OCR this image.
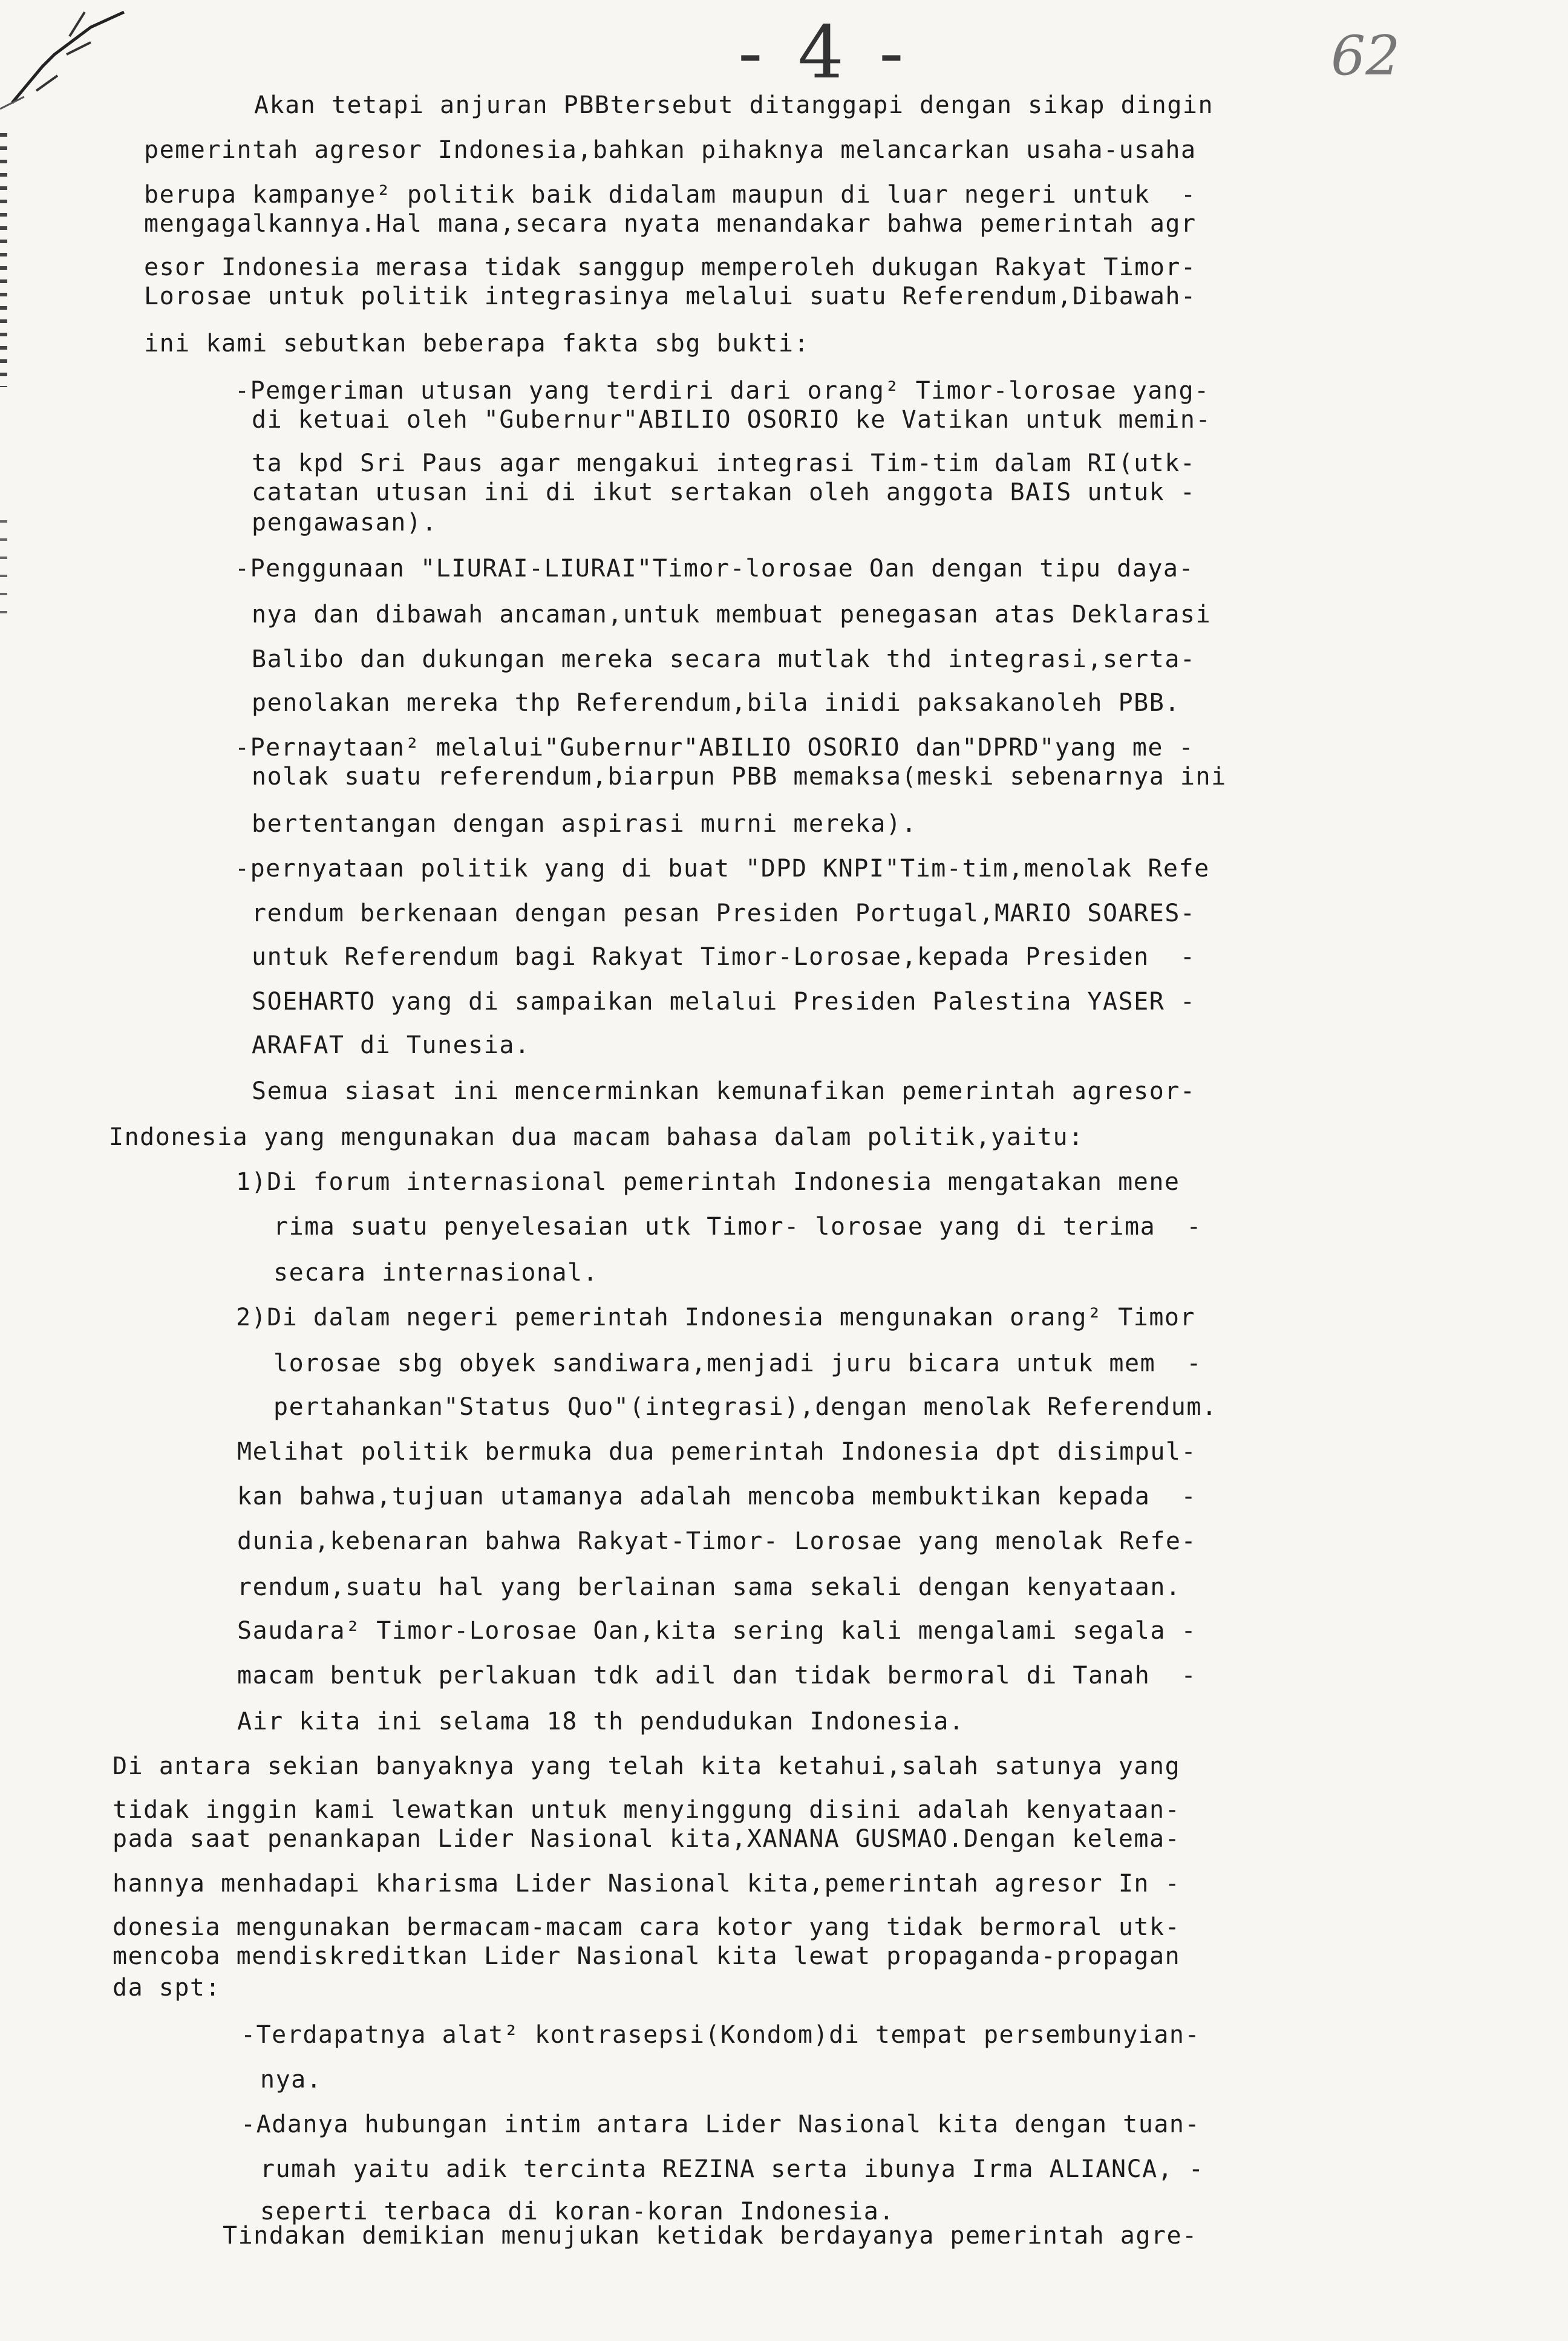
- 4 -	62
Akan tetapi anjuran PBBtersebut ditanggapi dengan sikap dingin
pemerintah agresor Indonesia,bahkan pihaknya melancarkan usaha-usaha
berupa kampanye² politik baik didalam maupun di luar negeri untuk  -
mengagalkannya.Hal mana,secara nyata menandakar bahwa pemerintah agr
esor Indonesia merasa tidak sanggup memperoleh dukugan Rakyat Timor-
Lorosae untuk politik integrasinya melalui suatu Referendum,Dibawah-
ini kami sebutkan beberapa fakta sbg bukti:
-Pemgeriman utusan yang terdiri dari orang² Timor-lorosae yang-
di ketuai oleh "Gubernur"ABILIO OSORIO ke Vatikan untuk memin-
ta kpd Sri Paus agar mengakui integrasi Tim-tim dalam RI(utk-
catatan utusan ini di ikut sertakan oleh anggota BAIS untuk -
pengawasan).
-Penggunaan "LIURAI-LIURAI"Timor-lorosae Oan dengan tipu daya-
nya dan dibawah ancaman,untuk membuat penegasan atas Deklarasi
Balibo dan dukungan mereka secara mutlak thd integrasi,serta-
penolakan mereka thp Referendum,bila inidi paksakanoleh PBB.
-Pernaytaan² melalui"Gubernur"ABILIO OSORIO dan"DPRD"yang me -
nolak suatu referendum,biarpun PBB memaksa(meski sebenarnya ini
bertentangan dengan aspirasi murni mereka).
-pernyataan politik yang di buat "DPD KNPI"Tim-tim,menolak Refe
rendum berkenaan dengan pesan Presiden Portugal,MARIO SOARES-
untuk Referendum bagi Rakyat Timor-Lorosae,kepada Presiden  -
SOEHARTO yang di sampaikan melalui Presiden Palestina YASER -
ARAFAT di Tunesia.
Semua siasat ini mencerminkan kemunafikan pemerintah agresor-
Indonesia yang mengunakan dua macam bahasa dalam politik,yaitu:
1)Di forum internasional pemerintah Indonesia mengatakan mene
rima suatu penyelesaian utk Timor- lorosae yang di terima  -
secara internasional.
2)Di dalam negeri pemerintah Indonesia mengunakan orang² Timor
lorosae sbg obyek sandiwara,menjadi juru bicara untuk mem  -
pertahankan"Status Quo"(integrasi),dengan menolak Referendum.
Melihat politik bermuka dua pemerintah Indonesia dpt disimpul-
kan bahwa,tujuan utamanya adalah mencoba membuktikan kepada  -
dunia,kebenaran bahwa Rakyat-Timor- Lorosae yang menolak Refe-
rendum,suatu hal yang berlainan sama sekali dengan kenyataan.
Saudara² Timor-Lorosae Oan,kita sering kali mengalami segala -
macam bentuk perlakuan tdk adil dan tidak bermoral di Tanah  -
Air kita ini selama 18 th pendudukan Indonesia.
Di antara sekian banyaknya yang telah kita ketahui,salah satunya yang
tidak inggin kami lewatkan untuk menyinggung disini adalah kenyataan-
pada saat penankapan Lider Nasional kita,XANANA GUSMAO.Dengan kelema-
hannya menhadapi kharisma Lider Nasional kita,pemerintah agresor In -
donesia mengunakan bermacam-macam cara kotor yang tidak bermoral utk-
mencoba mendiskreditkan Lider Nasional kita lewat propaganda-propagan
da spt:
-Terdapatnya alat² kontrasepsi(Kondom)di tempat persembunyian-
nya.
-Adanya hubungan intim antara Lider Nasional kita dengan tuan-
rumah yaitu adik tercinta REZINA serta ibunya Irma ALIANCA, -
seperti terbaca di koran-koran Indonesia.
Tindakan demikian menujukan ketidak berdayanya pemerintah agre-
